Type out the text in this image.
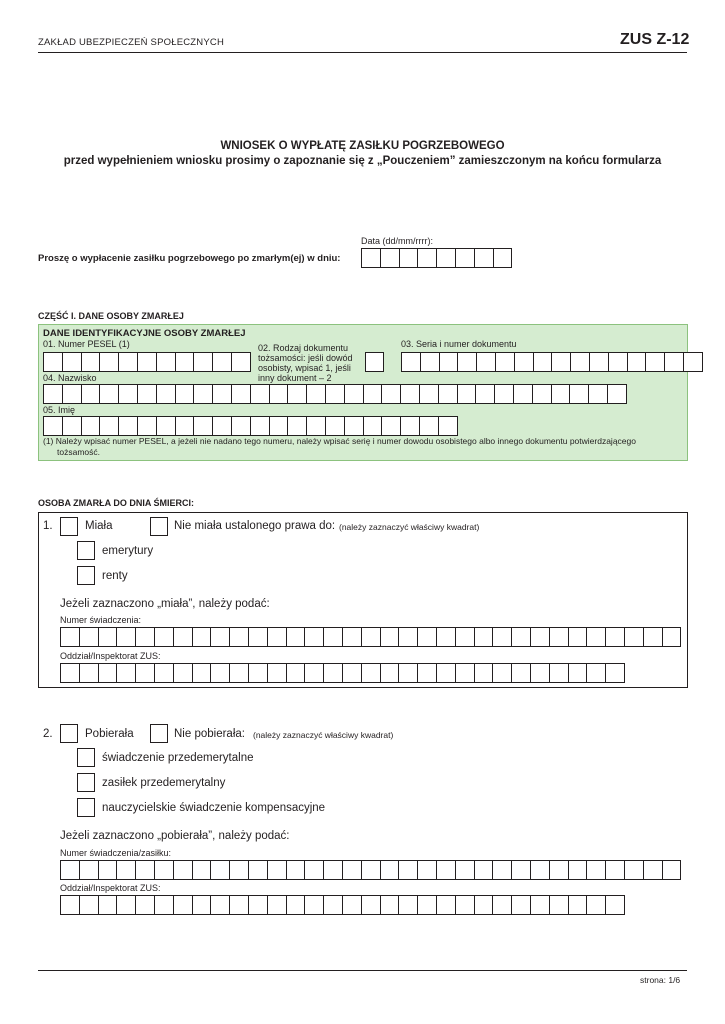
ZAKŁAD UBEZPIECZEŃ SPOŁECZNYCH	ZUS Z-12
WNIOSEK O WYPŁATĘ ZASIŁKU POGRZEBOWEGO
przed wypełnieniem wniosku prosimy o zapoznanie się z „Pouczeniem” zamieszczonym na końcu formularza
Data (dd/mm/rrrr):
Proszę o wypłacenie zasiłku pogrzebowego po zmarłym(ej) w dniu:
CZĘŚĆ I. DANE OSOBY ZMARŁEJ
DANE IDENTYFIKACYJNE OSOBY ZMARŁEJ
01. Numer PESEL (1)	02. Rodzaj dokumentu
tożsamości: jeśli dowód
osobisty, wpisać 1, jeśli
inny dokument – 2
03. Seria i numer dokumentu
04. Nazwisko
05. Imię
(1) Należy wpisać numer PESEL, a jeżeli nie nadano tego numeru, należy wpisać serię i numer dowodu osobistego albo innego dokumentu potwierdzającego
tożsamość.
OSOBA ZMARŁA DO DNIA ŚMIERCI:
1.	Miała	Nie miała ustalonego prawa do: (należy zaznaczyć właściwy kwadrat)
emerytury
renty
Jeżeli zaznaczono „miała”, należy podać:
Numer świadczenia:
Oddział/Inspektorat ZUS:
2.	Pobierała	Nie pobierała: (należy zaznaczyć właściwy kwadrat)
świadczenie przedemerytalne
zasiłek przedemerytalny
nauczycielskie świadczenie kompensacyjne
Jeżeli zaznaczono „pobierała”, należy podać:
Numer świadczenia/zasiłku:
Oddział/Inspektorat ZUS:
strona: 1/6
